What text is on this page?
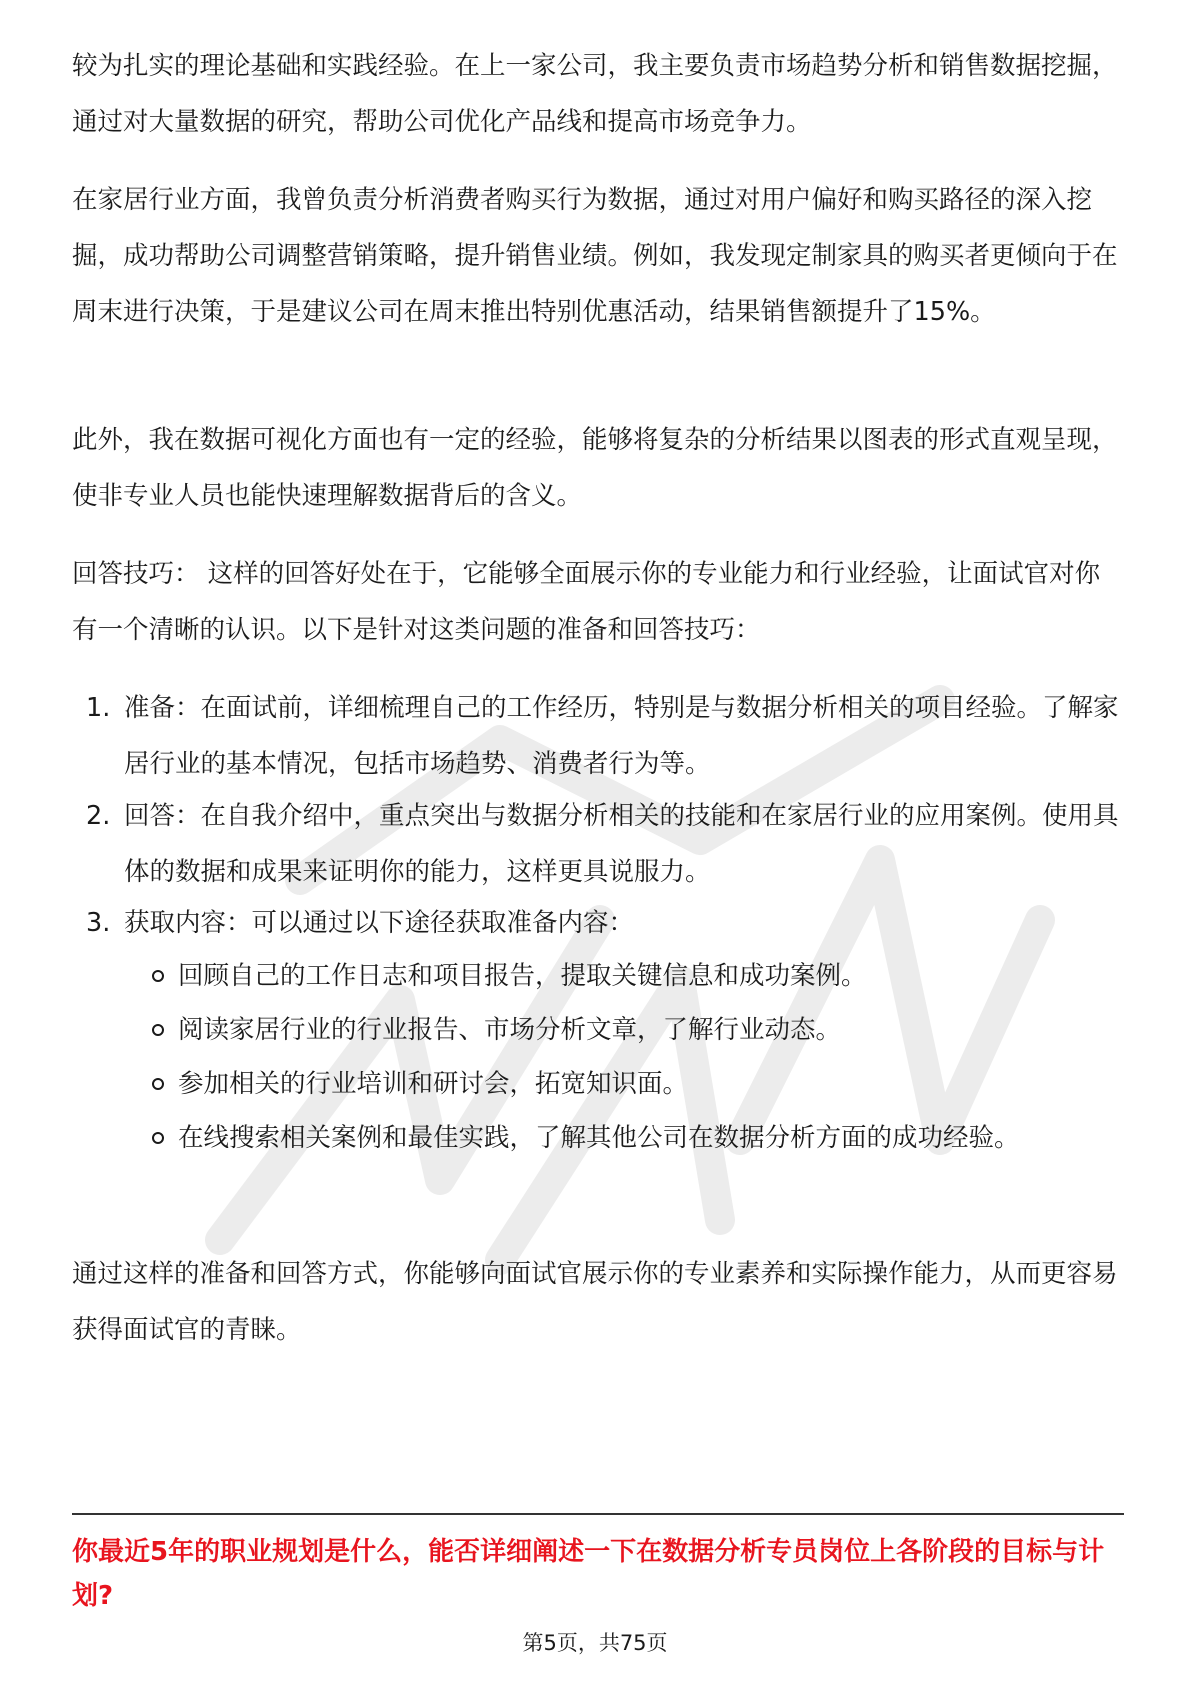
较为扎实的理论基础和实践经验。在上一家公司，我主要负责市场趋势分析和销售数据挖掘，通过对大量数据的研究，帮助公司优化产品线和提高市场竞争力。

在家居行业方面，我曾负责分析消费者购买行为数据，通过对用户偏好和购买路径的深入挖掘，成功帮助公司调整营销策略，提升销售业绩。例如，我发现定制家具的购买者更倾向于在周末进行决策，于是建议公司在周末推出特别优惠活动，结果销售额提升了15%。

此外，我在数据可视化方面也有一定的经验，能够将复杂的分析结果以图表的形式直观呈现，使非专业人员也能快速理解数据背后的含义。

回答技巧： 这样的回答好处在于，它能够全面展示你的专业能力和行业经验，让面试官对你有一个清晰的认识。以下是针对这类问题的准备和回答技巧：

1. 准备：在面试前，详细梳理自己的工作经历，特别是与数据分析相关的项目经验。了解家居行业的基本情况，包括市场趋势、消费者行为等。

2. 回答：在自我介绍中，重点突出与数据分析相关的技能和在家居行业的应用案例。使用具体的数据和成果来证明你的能力，这样更具说服力。

3. 获取内容：可以通过以下途径获取准备内容：

回顾自己的工作日志和项目报告，提取关键信息和成功案例。

阅读家居行业的行业报告、市场分析文章，了解行业动态。

参加相关的行业培训和研讨会，拓宽知识面。

在线搜索相关案例和最佳实践，了解其他公司在数据分析方面的成功经验。

通过这样的准备和回答方式，你能够向面试官展示你的专业素养和实际操作能力，从而更容易获得面试官的青睐。

你最近5年的职业规划是什么，能否详细阐述一下在数据分析专员岗位上各阶段的目标与计划?

第5页，共75页
